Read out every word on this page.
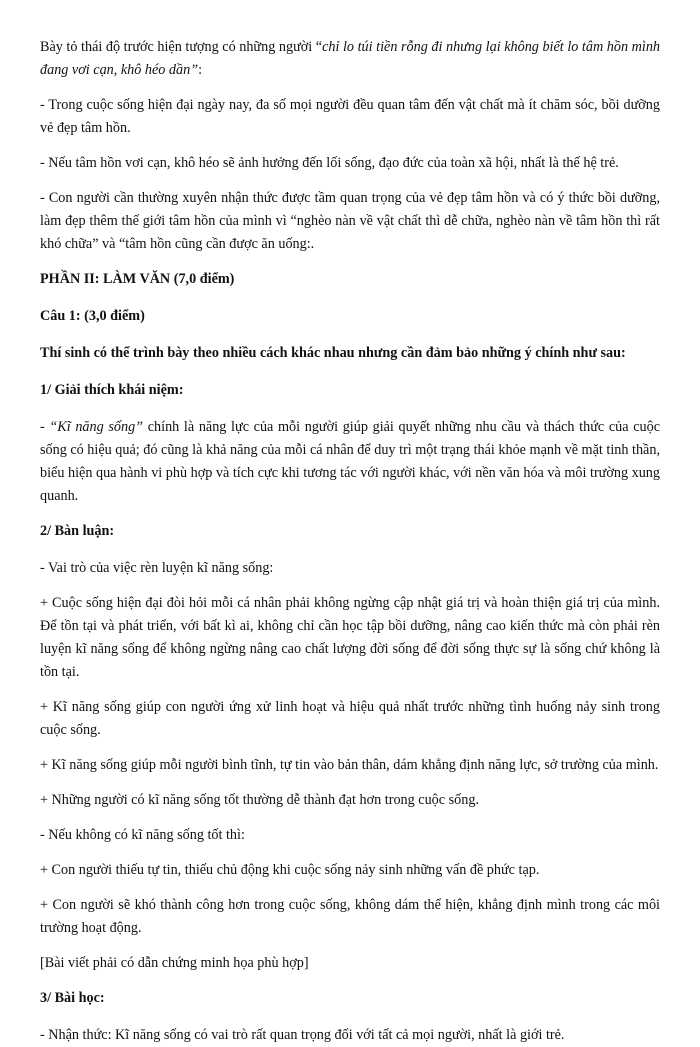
Bày tỏ thái độ trước hiện tượng có những người “chỉ lo túi tiền rỗng đi nhưng lại không biết lo tâm hồn mình đang vơi cạn, khô héo dần”:

- Trong cuộc sống hiện đại ngày nay, đa số mọi người đều quan tâm đến vật chất mà ít chăm sóc, bồi dưỡng vẻ đẹp tâm hồn.

- Nếu tâm hồn vơi cạn, khô héo sẽ ảnh hưởng đến lối sống, đạo đức của toàn xã hội, nhất là thế hệ trẻ.

- Con người cần thường xuyên nhận thức được tầm quan trọng của vẻ đẹp tâm hồn và có ý thức bồi dưỡng, làm đẹp thêm thế giới tâm hồn của mình vì “nghèo nàn về vật chất thì dễ chữa, nghèo nàn về tâm hồn thì rất khó chữa” và “tâm hồn cũng cần được ăn uống:.

PHẦN II: LÀM VĂN (7,0 điểm)

Câu 1: (3,0 điểm)

Thí sinh có thể trình bày theo nhiều cách khác nhau nhưng cần đảm bảo những ý chính như sau:

1/ Giải thích khái niệm:

- “Kĩ năng sống” chính là năng lực của mỗi người giúp giải quyết những nhu cầu và thách thức của cuộc sống có hiệu quả; đó cũng là khả năng của mỗi cá nhân để duy trì một trạng thái khỏe mạnh về mặt tinh thần, biểu hiện qua hành vi phù hợp và tích cực khi tương tác với người khác, với nền văn hóa và môi trường xung quanh.

2/ Bàn luận:

- Vai trò của việc rèn luyện kĩ năng sống:

+ Cuộc sống hiện đại đòi hỏi mỗi cá nhân phải không ngừng cập nhật giá trị và hoàn thiện giá trị của mình. Để tồn tại và phát triển, với bất kì ai, không chỉ cần học tập bồi dưỡng, nâng cao kiến thức mà còn phải rèn luyện kĩ năng sống để không ngừng nâng cao chất lượng đời sống để đời sống thực sự là sống chứ không là tồn tại.

+ Kĩ năng sống giúp con người ứng xử linh hoạt và hiệu quả nhất trước những tình huống nảy sinh trong cuộc sống.

+ Kĩ năng sống giúp mỗi người bình tĩnh, tự tin vào bản thân, dám khẳng định năng lực, sở trường của mình.

+ Những người có kĩ năng sống tốt thường dễ thành đạt hơn trong cuộc sống.

- Nếu không có kĩ năng sống tốt thì:

+ Con người thiếu tự tin, thiếu chủ động khi cuộc sống nảy sinh những vấn đề phức tạp.

+ Con người sẽ khó thành công hơn trong cuộc sống, không dám thể hiện, khẳng định mình trong các môi trường hoạt động.

[Bài viết phải có dẫn chứng minh họa phù hợp]

3/ Bài học:

- Nhận thức: Kĩ năng sống có vai trò rất quan trọng đối với tất cả mọi người, nhất là giới trẻ.
